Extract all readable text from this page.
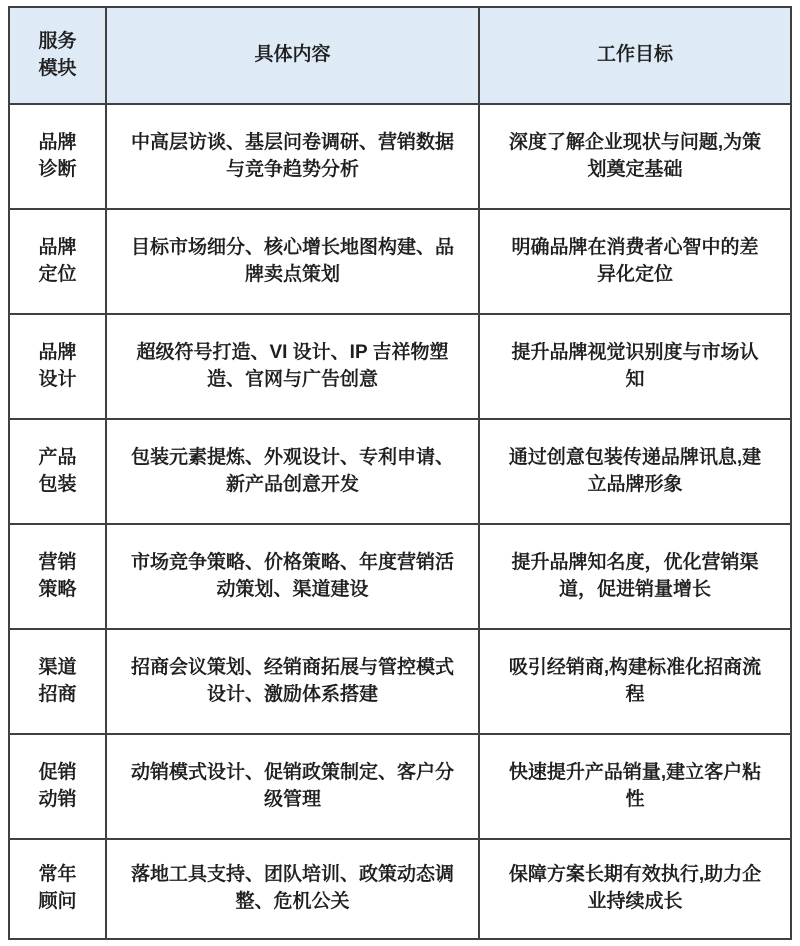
服务模块	具体内容	工作目标
品牌诊断	中高层访谈、基层问卷调研、营销数据与竞争趋势分析	深度了解企业现状与问题,为策划奠定基础
品牌定位	目标市场细分、核心增长地图构建、品牌卖点策划	明确品牌在消费者心智中的差异化定位
品牌设计	超级符号打造、VI 设计、IP 吉祥物塑造、官网与广告创意	提升品牌视觉识别度与市场认知
产品包装	包装元素提炼、外观设计、专利申请、新产品创意开发	通过创意包装传递品牌讯息,建立品牌形象
营销策略	市场竞争策略、价格策略、年度营销活动策划、渠道建设	提升品牌知名度，优化营销渠道，促进销量增长
渠道招商	招商会议策划、经销商拓展与管控模式设计、激励体系搭建	吸引经销商,构建标准化招商流程
促销动销	动销模式设计、促销政策制定、客户分级管理	快速提升产品销量,建立客户粘性
常年顾问	落地工具支持、团队培训、政策动态调整、危机公关	保障方案长期有效执行,助力企业持续成长
